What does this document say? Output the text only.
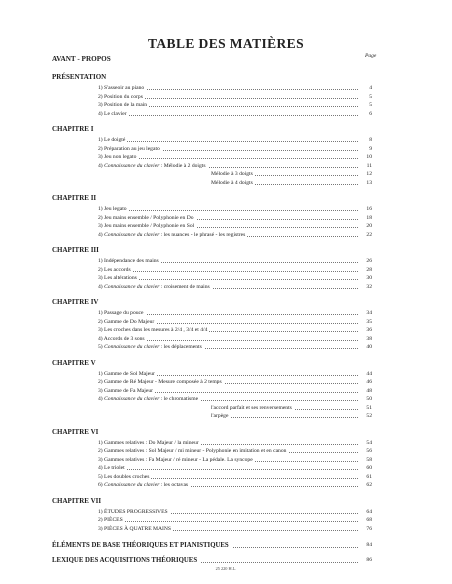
TABLE DES MATIÈRES
Page
AVANT - PROPOS
PRÉSENTATION
1) S'asseoir au piano	4
2) Position du corps	5
3) Position de la main	5
4) Le clavier	6
CHAPITRE I
1) Le doigté	8
2) Préparation au jeu legato	9
3) Jeu non legato	10
4) Connaissance du clavier : Mélodie à 2 doigts	11
Mélodie à 3 doigts	12
Mélodie à 4 doigts	13
CHAPITRE II
1) Jeu legato	16
2) Jeu mains ensemble / Polyphonie en Do	18
3) Jeu mains ensemble / Polyphonie en Sol	20
4) Connaissance du clavier : les nuances - le phrasé - les registres	22
CHAPITRE III
1) Indépendance des mains	26
2) Les accords	28
3) Les altérations	30
4) Connaissance du clavier : croisement de mains	32
CHAPITRE IV
1) Passage du pouce	34
2) Gamme de Do Majeur	35
3) Les croches dans les mesures à 2/4 , 3/4 et 4/4	36
4) Accords de 3 sons	38
5) Connaissance du clavier : les déplacements	40
CHAPITRE V
1) Gamme de Sol Majeur	44
2) Gamme de Ré Majeur - Mesure composée à 2 temps	46
3) Gamme de Fa Majeur	48
4) Connaissance du clavier : le chromatisme	50
l'accord parfait et ses renversements	51
l'arpège	52
CHAPITRE VI
1) Gammes relatives : Do Majeur / la mineur	54
2) Gammes relatives : Sol Majeur / mi mineur - Polyphonie en imitation et en canon	56
3) Gammes relatives : Fa Majeur / ré mineur - La pédale. La syncope	58
4) Le triolet	60
5) Les doubles croches	61
6) Connaissance du clavier : les octavas	62
CHAPITRE VII
1) ÉTUDES PROGRESSIVES	64
2) PIÈCES	68
3) PIÈCES À QUATRE MAINS	76
ÉLÉMENTS DE BASE THÉORIQUES ET PIANISTIQUES	84
LEXIQUE DES ACQUISITIONS THÉORIQUES	86
25 220 H.L.
